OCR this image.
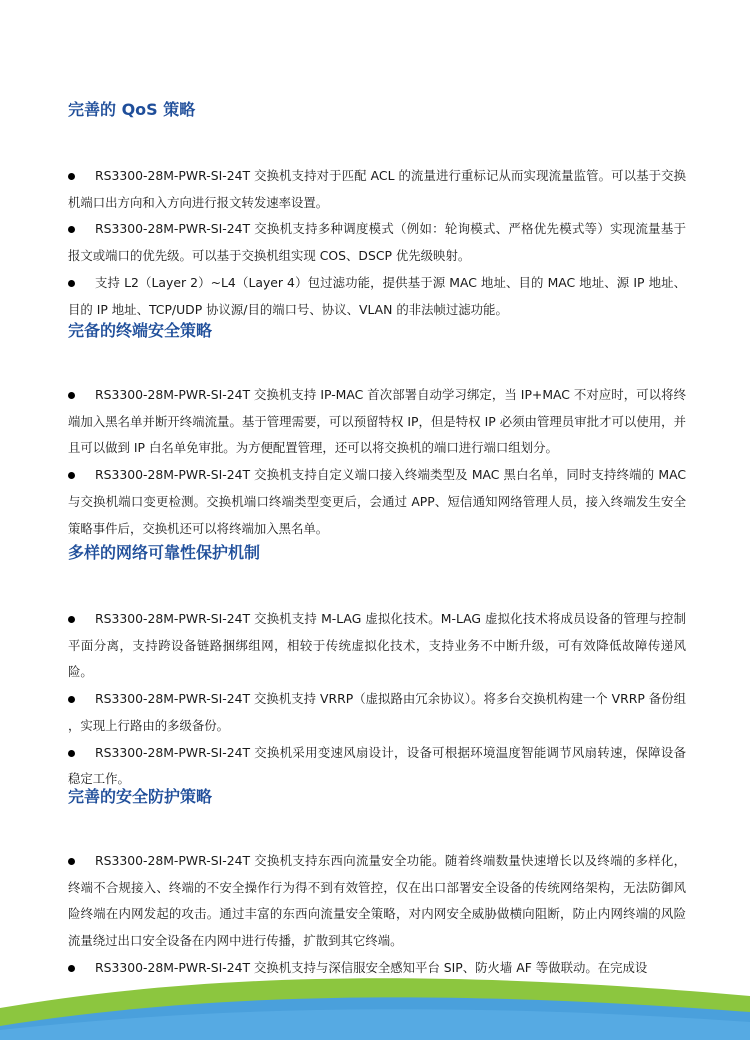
完善的 QoS 策略
RS3300-28M-PWR-SI-24T 交换机支持对于匹配 ACL 的流量进行重标记从而实现流量监管。可以基于交换机端口出方向和入方向进行报文转发速率设置。
RS3300-28M-PWR-SI-24T 交换机支持多种调度模式（例如：轮询模式、严格优先模式等）实现流量基于报文或端口的优先级。可以基于交换机组实现 COS、DSCP 优先级映射。
支持 L2（Layer 2）~L4（Layer 4）包过滤功能，提供基于源 MAC 地址、目的 MAC 地址、源 IP 地址、目的 IP 地址、TCP/UDP 协议源/目的端口号、协议、VLAN 的非法帧过滤功能。
完备的终端安全策略
RS3300-28M-PWR-SI-24T 交换机支持 IP-MAC 首次部署自动学习绑定，当 IP+MAC 不对应时，可以将终端加入黑名单并断开终端流量。基于管理需要，可以预留特权 IP，但是特权 IP 必须由管理员审批才可以使用，并且可以做到 IP 白名单免审批。为方便配置管理，还可以将交换机的端口进行端口组划分。
RS3300-28M-PWR-SI-24T 交换机支持自定义端口接入终端类型及 MAC 黑白名单，同时支持终端的 MAC 与交换机端口变更检测。交换机端口终端类型变更后，会通过 APP、短信通知网络管理人员，接入终端发生安全策略事件后，交换机还可以将终端加入黑名单。
多样的网络可靠性保护机制
RS3300-28M-PWR-SI-24T 交换机支持 M-LAG 虚拟化技术。M-LAG 虚拟化技术将成员设备的管理与控制平面分离，支持跨设备链路捆绑组网，相较于传统虚拟化技术，支持业务不中断升级，可有效降低故障传递风险。
RS3300-28M-PWR-SI-24T 交换机支持 VRRP（虚拟路由冗余协议）。将多台交换机构建一个 VRRP 备份组 ，实现上行路由的多级备份。
RS3300-28M-PWR-SI-24T 交换机采用变速风扇设计，设备可根据环境温度智能调节风扇转速，保障设备稳定工作。
完善的安全防护策略
RS3300-28M-PWR-SI-24T 交换机支持东西向流量安全功能。随着终端数量快速增长以及终端的多样化，终端不合规接入、终端的不安全操作行为得不到有效管控，仅在出口部署安全设备的传统网络架构，无法防御风险终端在内网发起的攻击。通过丰富的东西向流量安全策略，对内网安全威胁做横向阻断，防止内网终端的风险流量绕过出口安全设备在内网中进行传播，扩散到其它终端。
RS3300-28M-PWR-SI-24T 交换机支持与深信服安全感知平台 SIP、防火墙 AF 等做联动。在完成设
